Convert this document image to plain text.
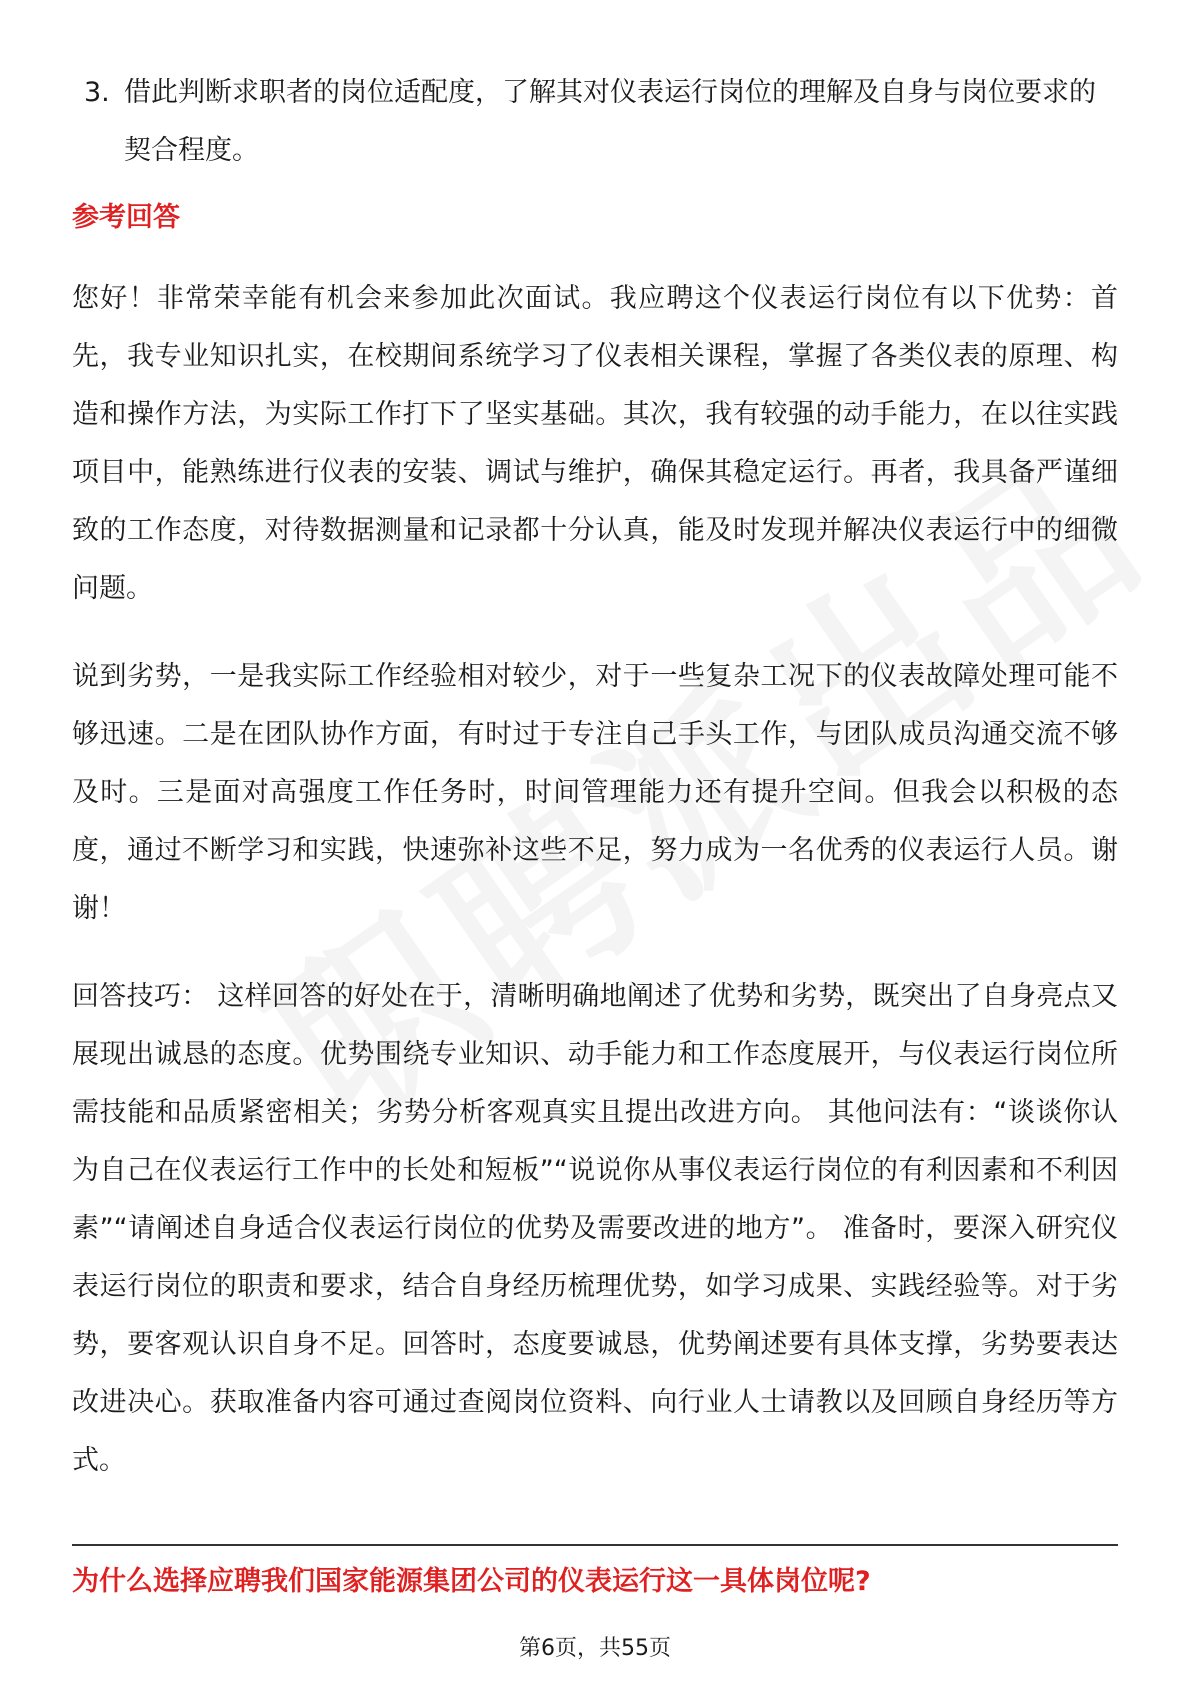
3. 借此判断求职者的岗位适配度，了解其对仪表运行岗位的理解及自身与岗位要求的契合程度。
参考回答

您好！非常荣幸能有机会来参加此次面试。我应聘这个仪表运行岗位有以下优势：首先，我专业知识扎实，在校期间系统学习了仪表相关课程，掌握了各类仪表的原理、构造和操作方法，为实际工作打下了坚实基础。其次，我有较强的动手能力，在以往实践项目中，能熟练进行仪表的安装、调试与维护，确保其稳定运行。再者，我具备严谨细致的工作态度，对待数据测量和记录都十分认真，能及时发现并解决仪表运行中的细微问题。

说到劣势，一是我实际工作经验相对较少，对于一些复杂工况下的仪表故障处理可能不够迅速。二是在团队协作方面，有时过于专注自己手头工作，与团队成员沟通交流不够及时。三是面对高强度工作任务时，时间管理能力还有提升空间。但我会以积极的态度，通过不断学习和实践，快速弥补这些不足，努力成为一名优秀的仪表运行人员。谢谢！

回答技巧： 这样回答的好处在于，清晰明确地阐述了优势和劣势，既突出了自身亮点又展现出诚恳的态度。优势围绕专业知识、动手能力和工作态度展开，与仪表运行岗位所需技能和品质紧密相关；劣势分析客观真实且提出改进方向。 其他问法有：“谈谈你认为自己在仪表运行工作中的长处和短板”“说说你从事仪表运行岗位的有利因素和不利因素”“请阐述自身适合仪表运行岗位的优势及需要改进的地方”。 准备时，要深入研究仪表运行岗位的职责和要求，结合自身经历梳理优势，如学习成果、实践经验等。对于劣势，要客观认识自身不足。回答时，态度要诚恳，优势阐述要有具体支撑，劣势要表达改进决心。获取准备内容可通过查阅岗位资料、向行业人士请教以及回顾自身经历等方式。

为什么选择应聘我们国家能源集团公司的仪表运行这一具体岗位呢?
第6页，共55页
